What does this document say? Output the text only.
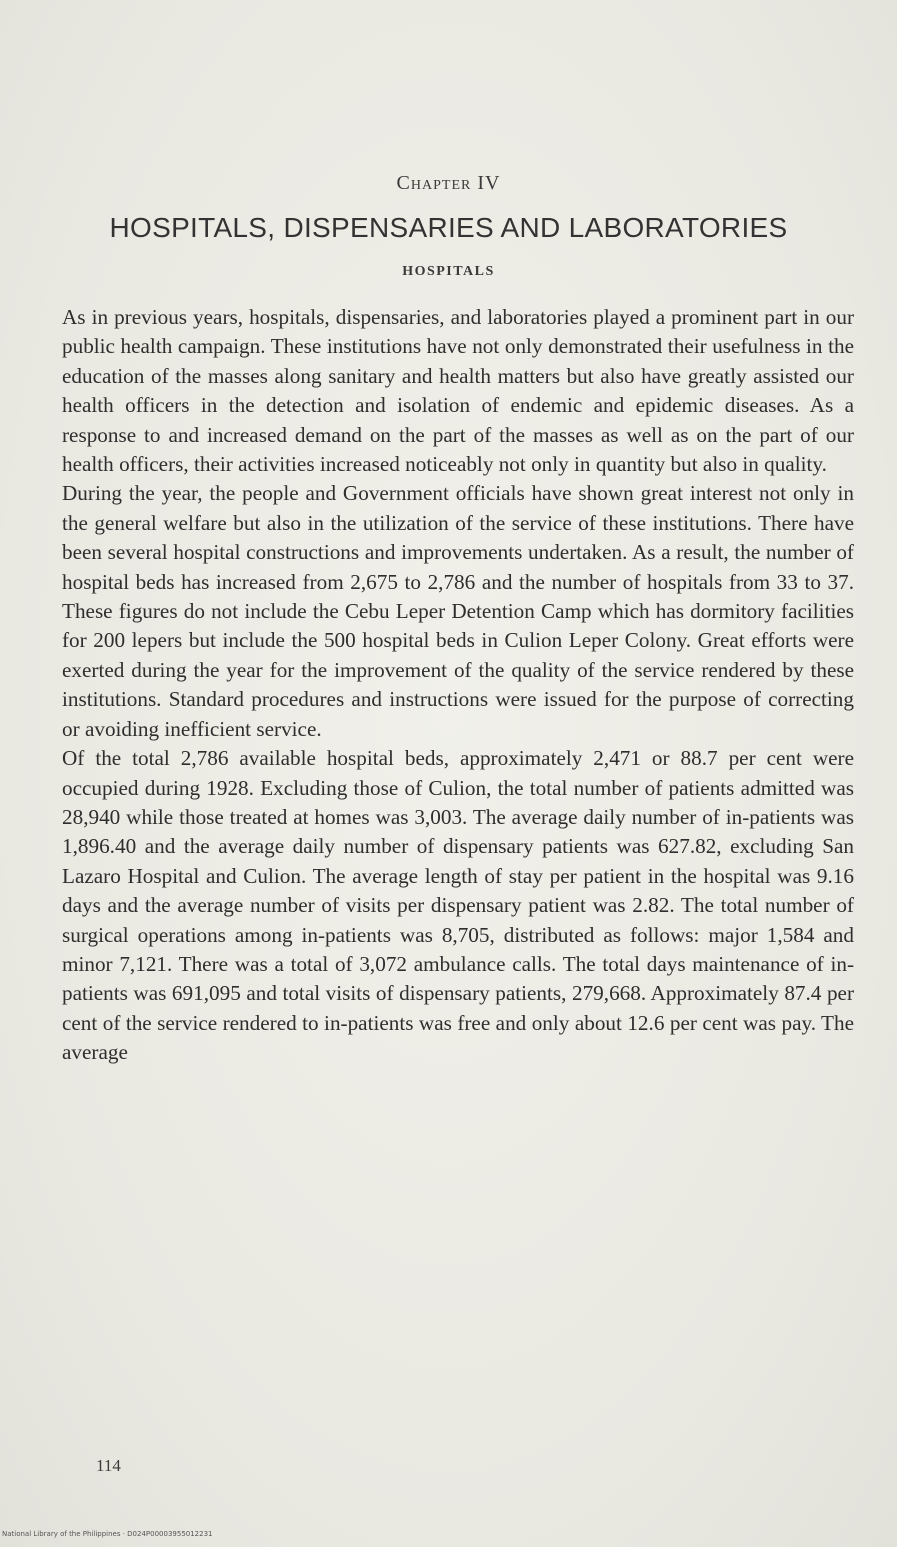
Chapter IV
HOSPITALS, DISPENSARIES AND LABORATORIES
HOSPITALS

As in previous years, hospitals, dispensaries, and laboratories played a prominent part in our public health campaign. These institutions have not only demonstrated their usefulness in the education of the masses along sanitary and health matters but also have greatly assisted our health officers in the detection and isolation of endemic and epidemic diseases. As a response to and increased demand on the part of the masses as well as on the part of our health officers, their activities increased noticeably not only in quantity but also in quality.

During the year, the people and Government officials have shown great interest not only in the general welfare but also in the utilization of the service of these institutions. There have been several hospital constructions and improvements undertaken. As a result, the number of hospital beds has increased from 2,675 to 2,786 and the number of hospitals from 33 to 37. These figures do not include the Cebu Leper Detention Camp which has dormitory facilities for 200 lepers but include the 500 hospital beds in Culion Leper Colony. Great efforts were exerted during the year for the improvement of the quality of the service rendered by these institutions. Standard procedures and instructions were issued for the purpose of correcting or avoiding inefficient service.

Of the total 2,786 available hospital beds, approximately 2,471 or 88.7 per cent were occupied during 1928. Excluding those of Culion, the total number of patients admitted was 28,940 while those treated at homes was 3,003. The average daily number of in-patients was 1,896.40 and the average daily number of dispensary patients was 627.82, excluding San Lazaro Hospital and Culion. The average length of stay per patient in the hospital was 9.16 days and the average number of visits per dispensary patient was 2.82. The total number of surgical operations among in-patients was 8,705, distributed as follows: major 1,584 and minor 7,121. There was a total of 3,072 ambulance calls. The total days maintenance of in-patients was 691,095 and total visits of dispensary patients, 279,668. Approximately 87.4 per cent of the service rendered to in-patients was free and only about 12.6 per cent was pay. The average

114
National Library of the Philippines · D024P00003955012231
